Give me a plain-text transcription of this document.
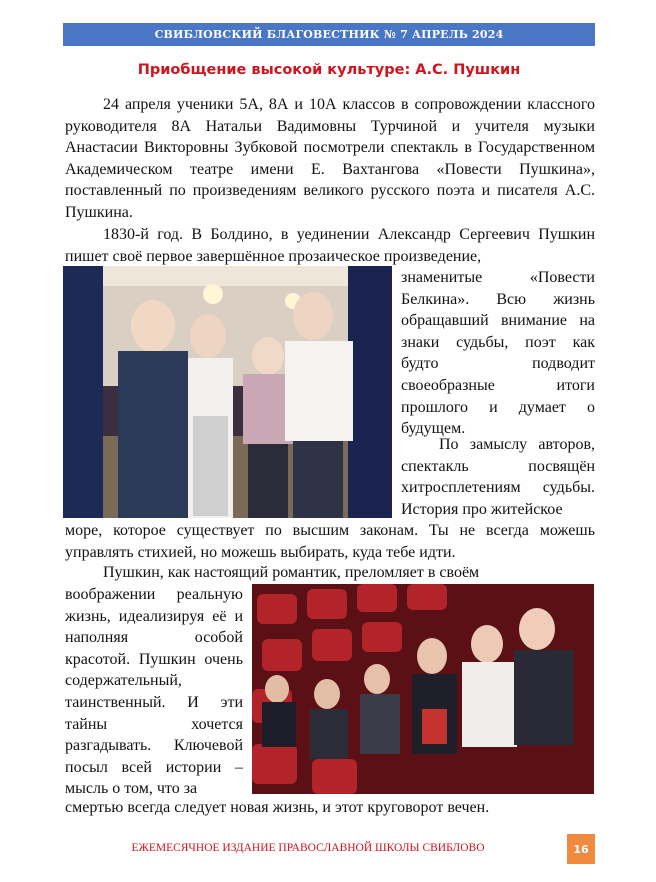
СВИБЛОВСКИЙ БЛАГОВЕСТНИК № 7 АПРЕЛЬ 2024
Приобщение высокой культуре: А.С. Пушкин

24 апреля ученики 5А, 8А и 10А классов в сопровождении классного руководителя 8А Натальи Вадимовны Турчиной и учителя музыки Анастасии Викторовны Зубковой посмотрели спектакль в Государственном Академическом театре имени Е. Вахтангова «Повести Пушкина», поставленный по произведениям великого русского поэта и писателя А.С. Пушкина.

1830-й год. В Болдино, в уединении Александр Сергеевич Пушкин пишет своё первое завершённое прозаическое произведение,

знаменитые «Повести Белкина». Всю жизнь обращавший внимание на знаки судьбы, поэт как будто подводит своеобразные итоги прошлого и думает о будущем.

По замыслу авторов, спектакль посвящён хитросплетениям судьбы. История про житейское

море, которое существует по высшим законам. Ты не всегда можешь управлять стихией, но можешь выбирать, куда тебе идти.

Пушкин, как настоящий романтик, преломляет в своём

воображении реальную жизнь, идеализируя её и наполняя особой красотой. Пушкин очень содержательный, таинственный. И эти тайны хочется разгадывать. Ключевой посыл всей истории – мысль о том, что за

смертью всегда следует новая жизнь, и этот круговорот вечен.

ЕЖЕМЕСЯЧНОЕ ИЗДАНИЕ ПРАВОСЛАВНОЙ ШКОЛЫ СВИБЛОВО	16
